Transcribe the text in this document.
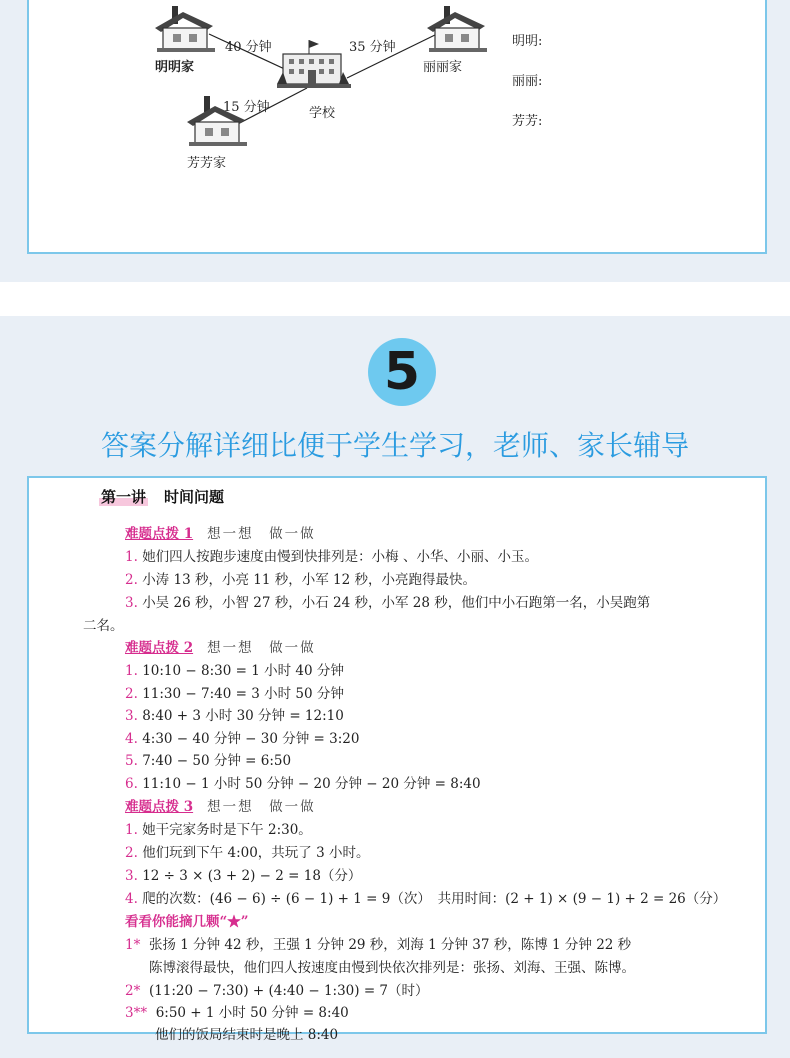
明明家	丽丽家
芳芳家
学校
40 分钟	35 分钟
15 分钟
明明:
丽丽:
芳芳:
5
答案分解详细比便于学生学习，老师、家长辅导
第一讲 时间问题
难题点拨 1 想一想　做一做
1. 她们四人按跑步速度由慢到快排列是：小梅 、小华、小丽、小玉。
2. 小涛 13 秒，小亮 11 秒，小军 12 秒，小亮跑得最快。
3. 小吴 26 秒，小智 27 秒，小石 24 秒，小军 28 秒，他们中小石跑第一名，小吴跑第
二名。
难题点拨 2 想一想　做一做
1. 10:10 − 8:30 = 1 小时 40 分钟
2. 11:30 − 7:40 = 3 小时 50 分钟
3. 8:40 + 3 小时 30 分钟 = 12:10
4. 4:30 − 40 分钟 − 30 分钟 = 3:20
5. 7:40 − 50 分钟 = 6:50
6. 11:10 − 1 小时 50 分钟 − 20 分钟 − 20 分钟 = 8:40
难题点拨 3 想一想　做一做
1. 她干完家务时是下午 2:30。
2. 他们玩到下午 4:00，共玩了 3 小时。
3. 12 ÷ 3 × (3 + 2) − 2 = 18（分）
4. 爬的次数：(46 − 6) ÷ (6 − 1) + 1 = 9（次）　共用时间：(2 + 1) × (9 − 1) + 2 = 26（分）
看看你能摘几颗“★”
1* 张扬 1 分钟 42 秒，王强 1 分钟 29 秒，刘海 1 分钟 37 秒，陈博 1 分钟 22 秒
陈博滚得最快，他们四人按速度由慢到快依次排列是：张扬、刘海、王强、陈博。
2* (11:20 − 7:30) + (4:40 − 1:30) = 7（时）
3** 6:50 + 1 小时 50 分钟 = 8:40
他们的饭局结束时是晚上 8:40
